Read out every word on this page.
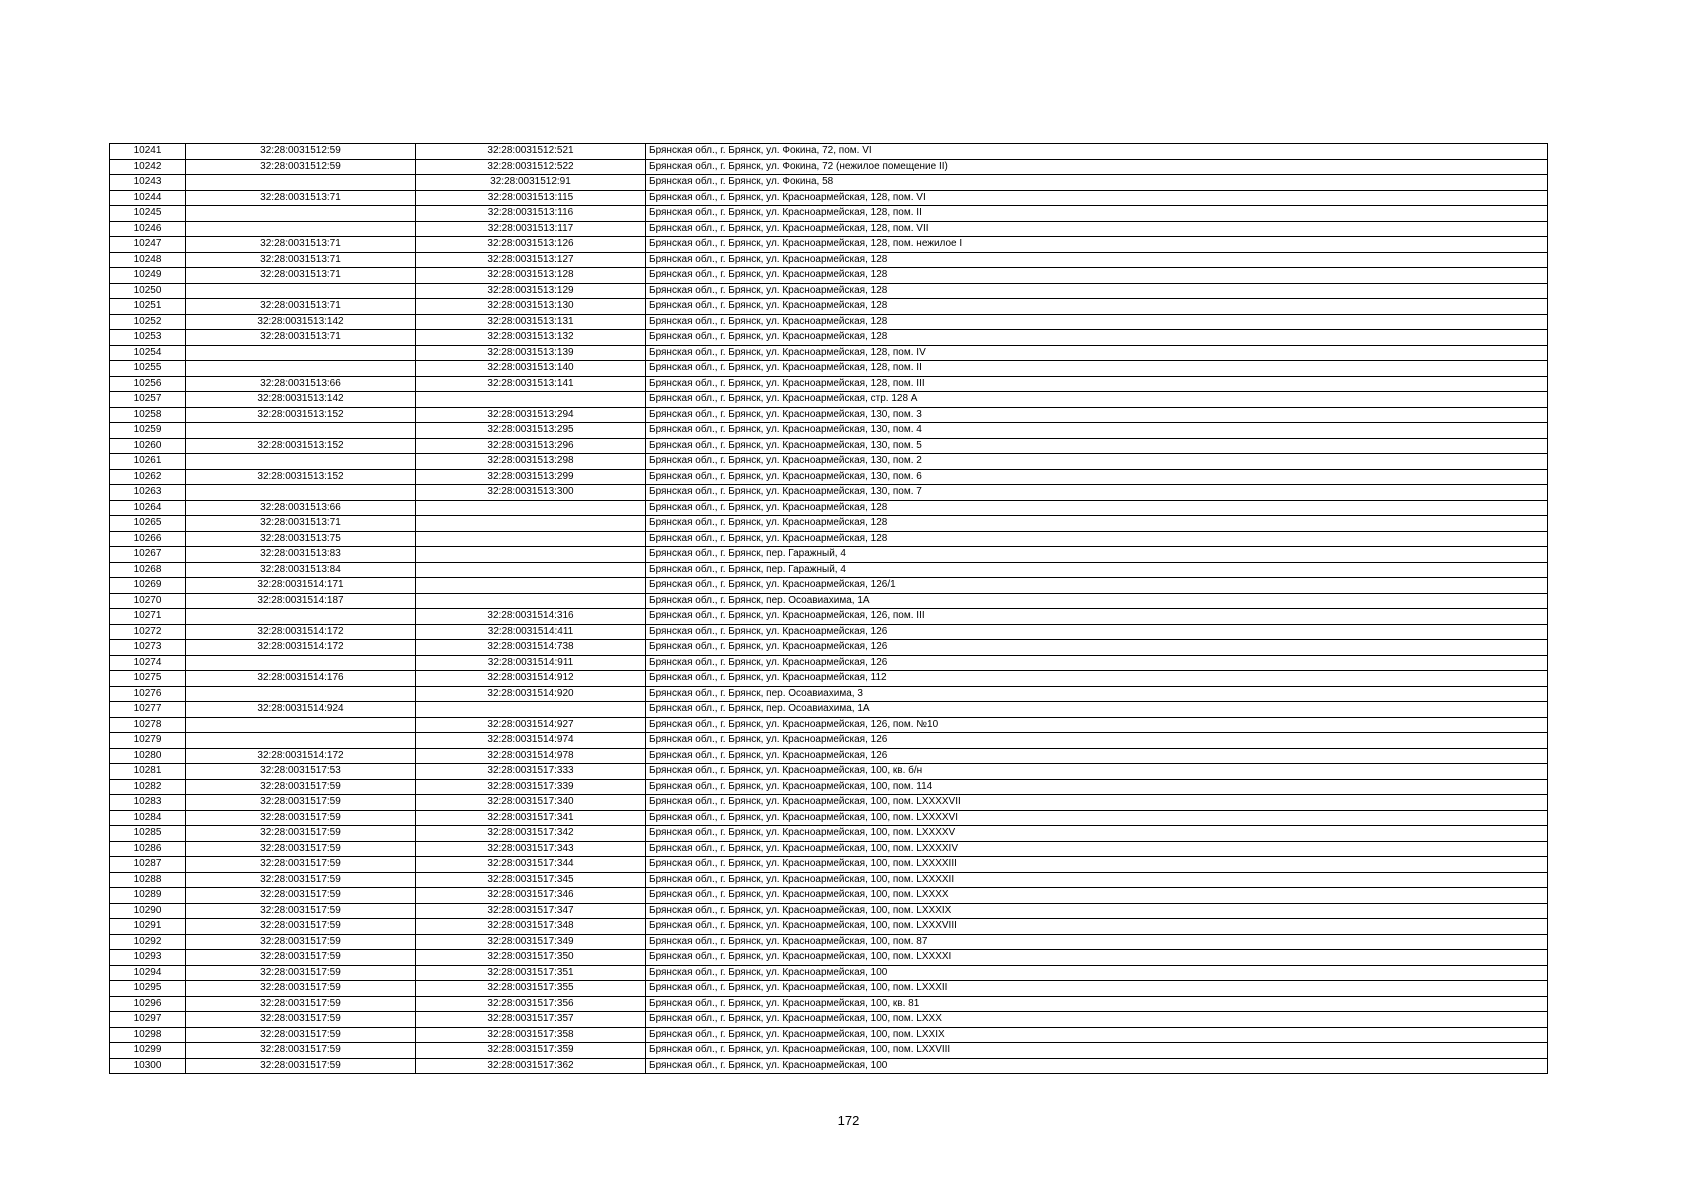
10241	32:28:0031512:59	32:28:0031512:521	Брянская обл., г. Брянск, ул. Фокина, 72, пом. VI
10242	32:28:0031512:59	32:28:0031512:522	Брянская обл., г. Брянск, ул. Фокина, 72 (нежилое помещение II)
10243		32:28:0031512:91	Брянская обл., г. Брянск, ул. Фокина, 58
10244	32:28:0031513:71	32:28:0031513:115	Брянская обл., г. Брянск, ул. Красноармейская, 128, пом. VI
10245		32:28:0031513:116	Брянская обл., г. Брянск, ул. Красноармейская, 128, пом. II
10246		32:28:0031513:117	Брянская обл., г. Брянск, ул. Красноармейская, 128, пом. VII
10247	32:28:0031513:71	32:28:0031513:126	Брянская обл., г. Брянск, ул. Красноармейская, 128, пом. нежилое I
10248	32:28:0031513:71	32:28:0031513:127	Брянская обл., г. Брянск, ул. Красноармейская, 128
10249	32:28:0031513:71	32:28:0031513:128	Брянская обл., г. Брянск, ул. Красноармейская, 128
10250		32:28:0031513:129	Брянская обл., г. Брянск, ул. Красноармейская, 128
10251	32:28:0031513:71	32:28:0031513:130	Брянская обл., г. Брянск, ул. Красноармейская, 128
10252	32:28:0031513:142	32:28:0031513:131	Брянская обл., г. Брянск, ул. Красноармейская, 128
10253	32:28:0031513:71	32:28:0031513:132	Брянская обл., г. Брянск, ул. Красноармейская, 128
10254		32:28:0031513:139	Брянская обл., г. Брянск, ул. Красноармейская, 128, пом. IV
10255		32:28:0031513:140	Брянская обл., г. Брянск, ул. Красноармейская, 128, пом. II
10256	32:28:0031513:66	32:28:0031513:141	Брянская обл., г. Брянск, ул. Красноармейская, 128, пом. III
10257	32:28:0031513:142		Брянская обл., г. Брянск, ул. Красноармейская, стр. 128 А
10258	32:28:0031513:152	32:28:0031513:294	Брянская обл., г. Брянск, ул. Красноармейская, 130, пом. 3
10259		32:28:0031513:295	Брянская обл., г. Брянск, ул. Красноармейская, 130, пом. 4
10260	32:28:0031513:152	32:28:0031513:296	Брянская обл., г. Брянск, ул. Красноармейская, 130, пом. 5
10261		32:28:0031513:298	Брянская обл., г. Брянск, ул. Красноармейская, 130, пом. 2
10262	32:28:0031513:152	32:28:0031513:299	Брянская обл., г. Брянск, ул. Красноармейская, 130, пом. 6
10263		32:28:0031513:300	Брянская обл., г. Брянск, ул. Красноармейская, 130, пом. 7
10264	32:28:0031513:66		Брянская обл., г. Брянск, ул. Красноармейская, 128
10265	32:28:0031513:71		Брянская обл., г. Брянск, ул. Красноармейская, 128
10266	32:28:0031513:75		Брянская обл., г. Брянск, ул. Красноармейская, 128
10267	32:28:0031513:83		Брянская обл., г. Брянск, пер. Гаражный, 4
10268	32:28:0031513:84		Брянская обл., г. Брянск, пер. Гаражный, 4
10269	32:28:0031514:171		Брянская обл., г. Брянск, ул. Красноармейская, 126/1
10270	32:28:0031514:187		Брянская обл., г. Брянск, пер. Осоавиахима, 1А
10271		32:28:0031514:316	Брянская обл., г. Брянск, ул. Красноармейская, 126, пом. III
10272	32:28:0031514:172	32:28:0031514:411	Брянская обл., г. Брянск, ул. Красноармейская, 126
10273	32:28:0031514:172	32:28:0031514:738	Брянская обл., г. Брянск, ул. Красноармейская, 126
10274		32:28:0031514:911	Брянская обл., г. Брянск, ул. Красноармейская, 126
10275	32:28:0031514:176	32:28:0031514:912	Брянская обл., г. Брянск, ул. Красноармейская, 112
10276		32:28:0031514:920	Брянская обл., г. Брянск, пер. Осоавиахима, 3
10277	32:28:0031514:924		Брянская обл., г. Брянск, пер. Осоавиахима, 1А
10278		32:28:0031514:927	Брянская обл., г. Брянск, ул. Красноармейская, 126, пом. №10
10279		32:28:0031514:974	Брянская обл., г. Брянск, ул. Красноармейская, 126
10280	32:28:0031514:172	32:28:0031514:978	Брянская обл., г. Брянск, ул. Красноармейская, 126
10281	32:28:0031517:53	32:28:0031517:333	Брянская обл., г. Брянск, ул. Красноармейская, 100, кв. б/н
10282	32:28:0031517:59	32:28:0031517:339	Брянская обл., г. Брянск, ул. Красноармейская, 100, пом. 114
10283	32:28:0031517:59	32:28:0031517:340	Брянская обл., г. Брянск, ул. Красноармейская, 100, пом. LXXXXVII
10284	32:28:0031517:59	32:28:0031517:341	Брянская обл., г. Брянск, ул. Красноармейская, 100, пом. LXXXXVI
10285	32:28:0031517:59	32:28:0031517:342	Брянская обл., г. Брянск, ул. Красноармейская, 100, пом. LXXXXV
10286	32:28:0031517:59	32:28:0031517:343	Брянская обл., г. Брянск, ул. Красноармейская, 100, пом. LXXXXIV
10287	32:28:0031517:59	32:28:0031517:344	Брянская обл., г. Брянск, ул. Красноармейская, 100, пом. LXXXXIII
10288	32:28:0031517:59	32:28:0031517:345	Брянская обл., г. Брянск, ул. Красноармейская, 100, пом. LXXXXII
10289	32:28:0031517:59	32:28:0031517:346	Брянская обл., г. Брянск, ул. Красноармейская, 100, пом. LXXXX
10290	32:28:0031517:59	32:28:0031517:347	Брянская обл., г. Брянск, ул. Красноармейская, 100, пом. LXXXIX
10291	32:28:0031517:59	32:28:0031517:348	Брянская обл., г. Брянск, ул. Красноармейская, 100, пом. LXXXVIII
10292	32:28:0031517:59	32:28:0031517:349	Брянская обл., г. Брянск, ул. Красноармейская, 100, пом. 87
10293	32:28:0031517:59	32:28:0031517:350	Брянская обл., г. Брянск, ул. Красноармейская, 100, пом. LXXXXI
10294	32:28:0031517:59	32:28:0031517:351	Брянская обл., г. Брянск, ул. Красноармейская, 100
10295	32:28:0031517:59	32:28:0031517:355	Брянская обл., г. Брянск, ул. Красноармейская, 100, пом. LXXXII
10296	32:28:0031517:59	32:28:0031517:356	Брянская обл., г. Брянск, ул. Красноармейская, 100, кв. 81
10297	32:28:0031517:59	32:28:0031517:357	Брянская обл., г. Брянск, ул. Красноармейская, 100, пом. LXXX
10298	32:28:0031517:59	32:28:0031517:358	Брянская обл., г. Брянск, ул. Красноармейская, 100, пом. LXXIX
10299	32:28:0031517:59	32:28:0031517:359	Брянская обл., г. Брянск, ул. Красноармейская, 100, пом. LXXVIII
10300	32:28:0031517:59	32:28:0031517:362	Брянская обл., г. Брянск, ул. Красноармейская, 100
172
